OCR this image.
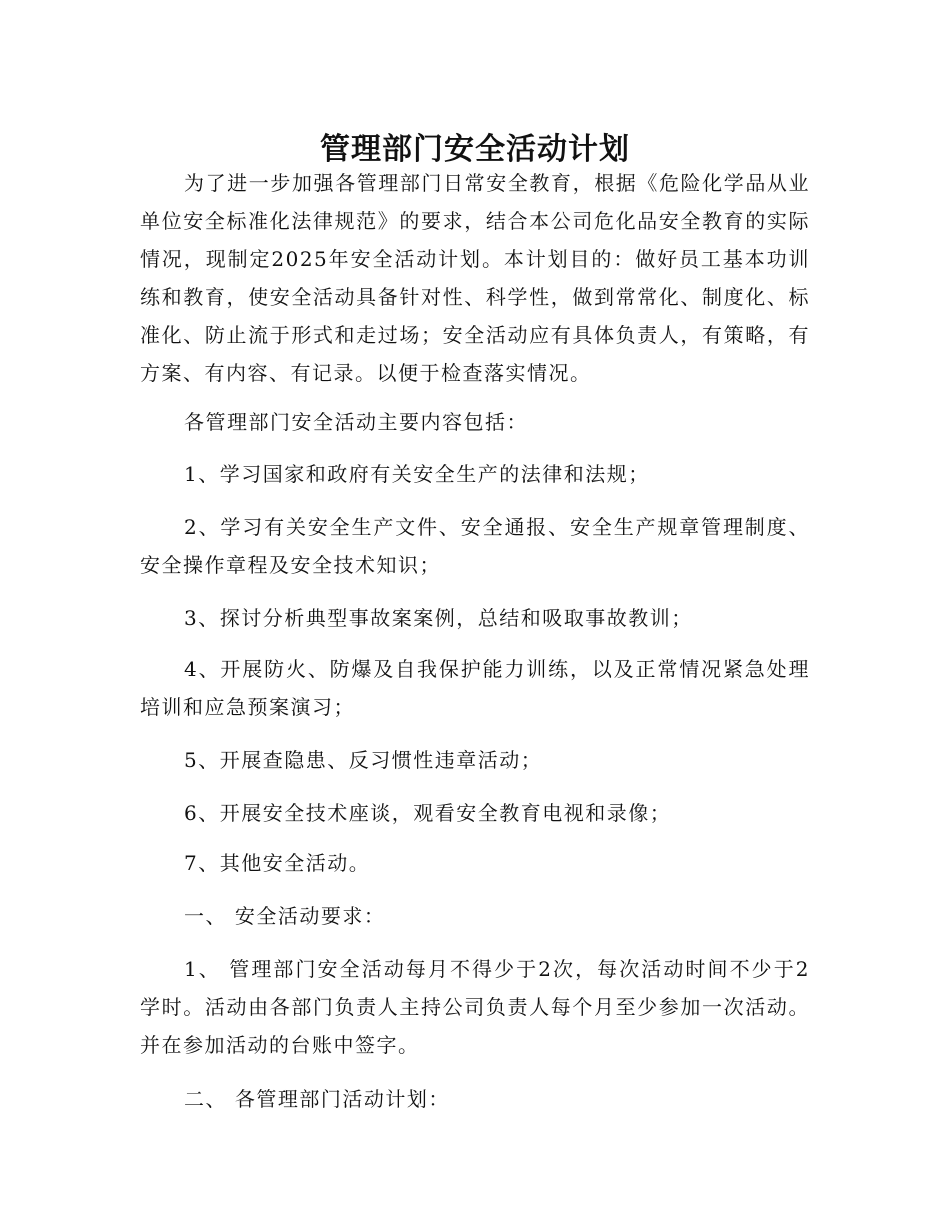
管理部门安全活动计划

为了进一步加强各管理部门日常安全教育，根据《危险化学品从业单位安全标准化法律规范》的要求，结合本公司危化品安全教育的实际情况，现制定2025年安全活动计划。本计划目的：做好员工基本功训练和教育，使安全活动具备针对性、科学性，做到常常化、制度化、标准化、防止流于形式和走过场；安全活动应有具体负责人，有策略，有方案、有内容、有记录。以便于检查落实情况。

各管理部门安全活动主要内容包括：

1、学习国家和政府有关安全生产的法律和法规；

2、学习有关安全生产文件、安全通报、安全生产规章管理制度、安全操作章程及安全技术知识；

3、探讨分析典型事故案案例，总结和吸取事故教训；

4、开展防火、防爆及自我保护能力训练，以及正常情况紧急处理培训和应急预案演习；

5、开展查隐患、反习惯性违章活动；

6、开展安全技术座谈，观看安全教育电视和录像；

7、其他安全活动。

一、 安全活动要求：

1、 管理部门安全活动每月不得少于2次，每次活动时间不少于2学时。活动由各部门负责人主持公司负责人每个月至少参加一次活动。并在参加活动的台账中签字。

二、 各管理部门活动计划：
